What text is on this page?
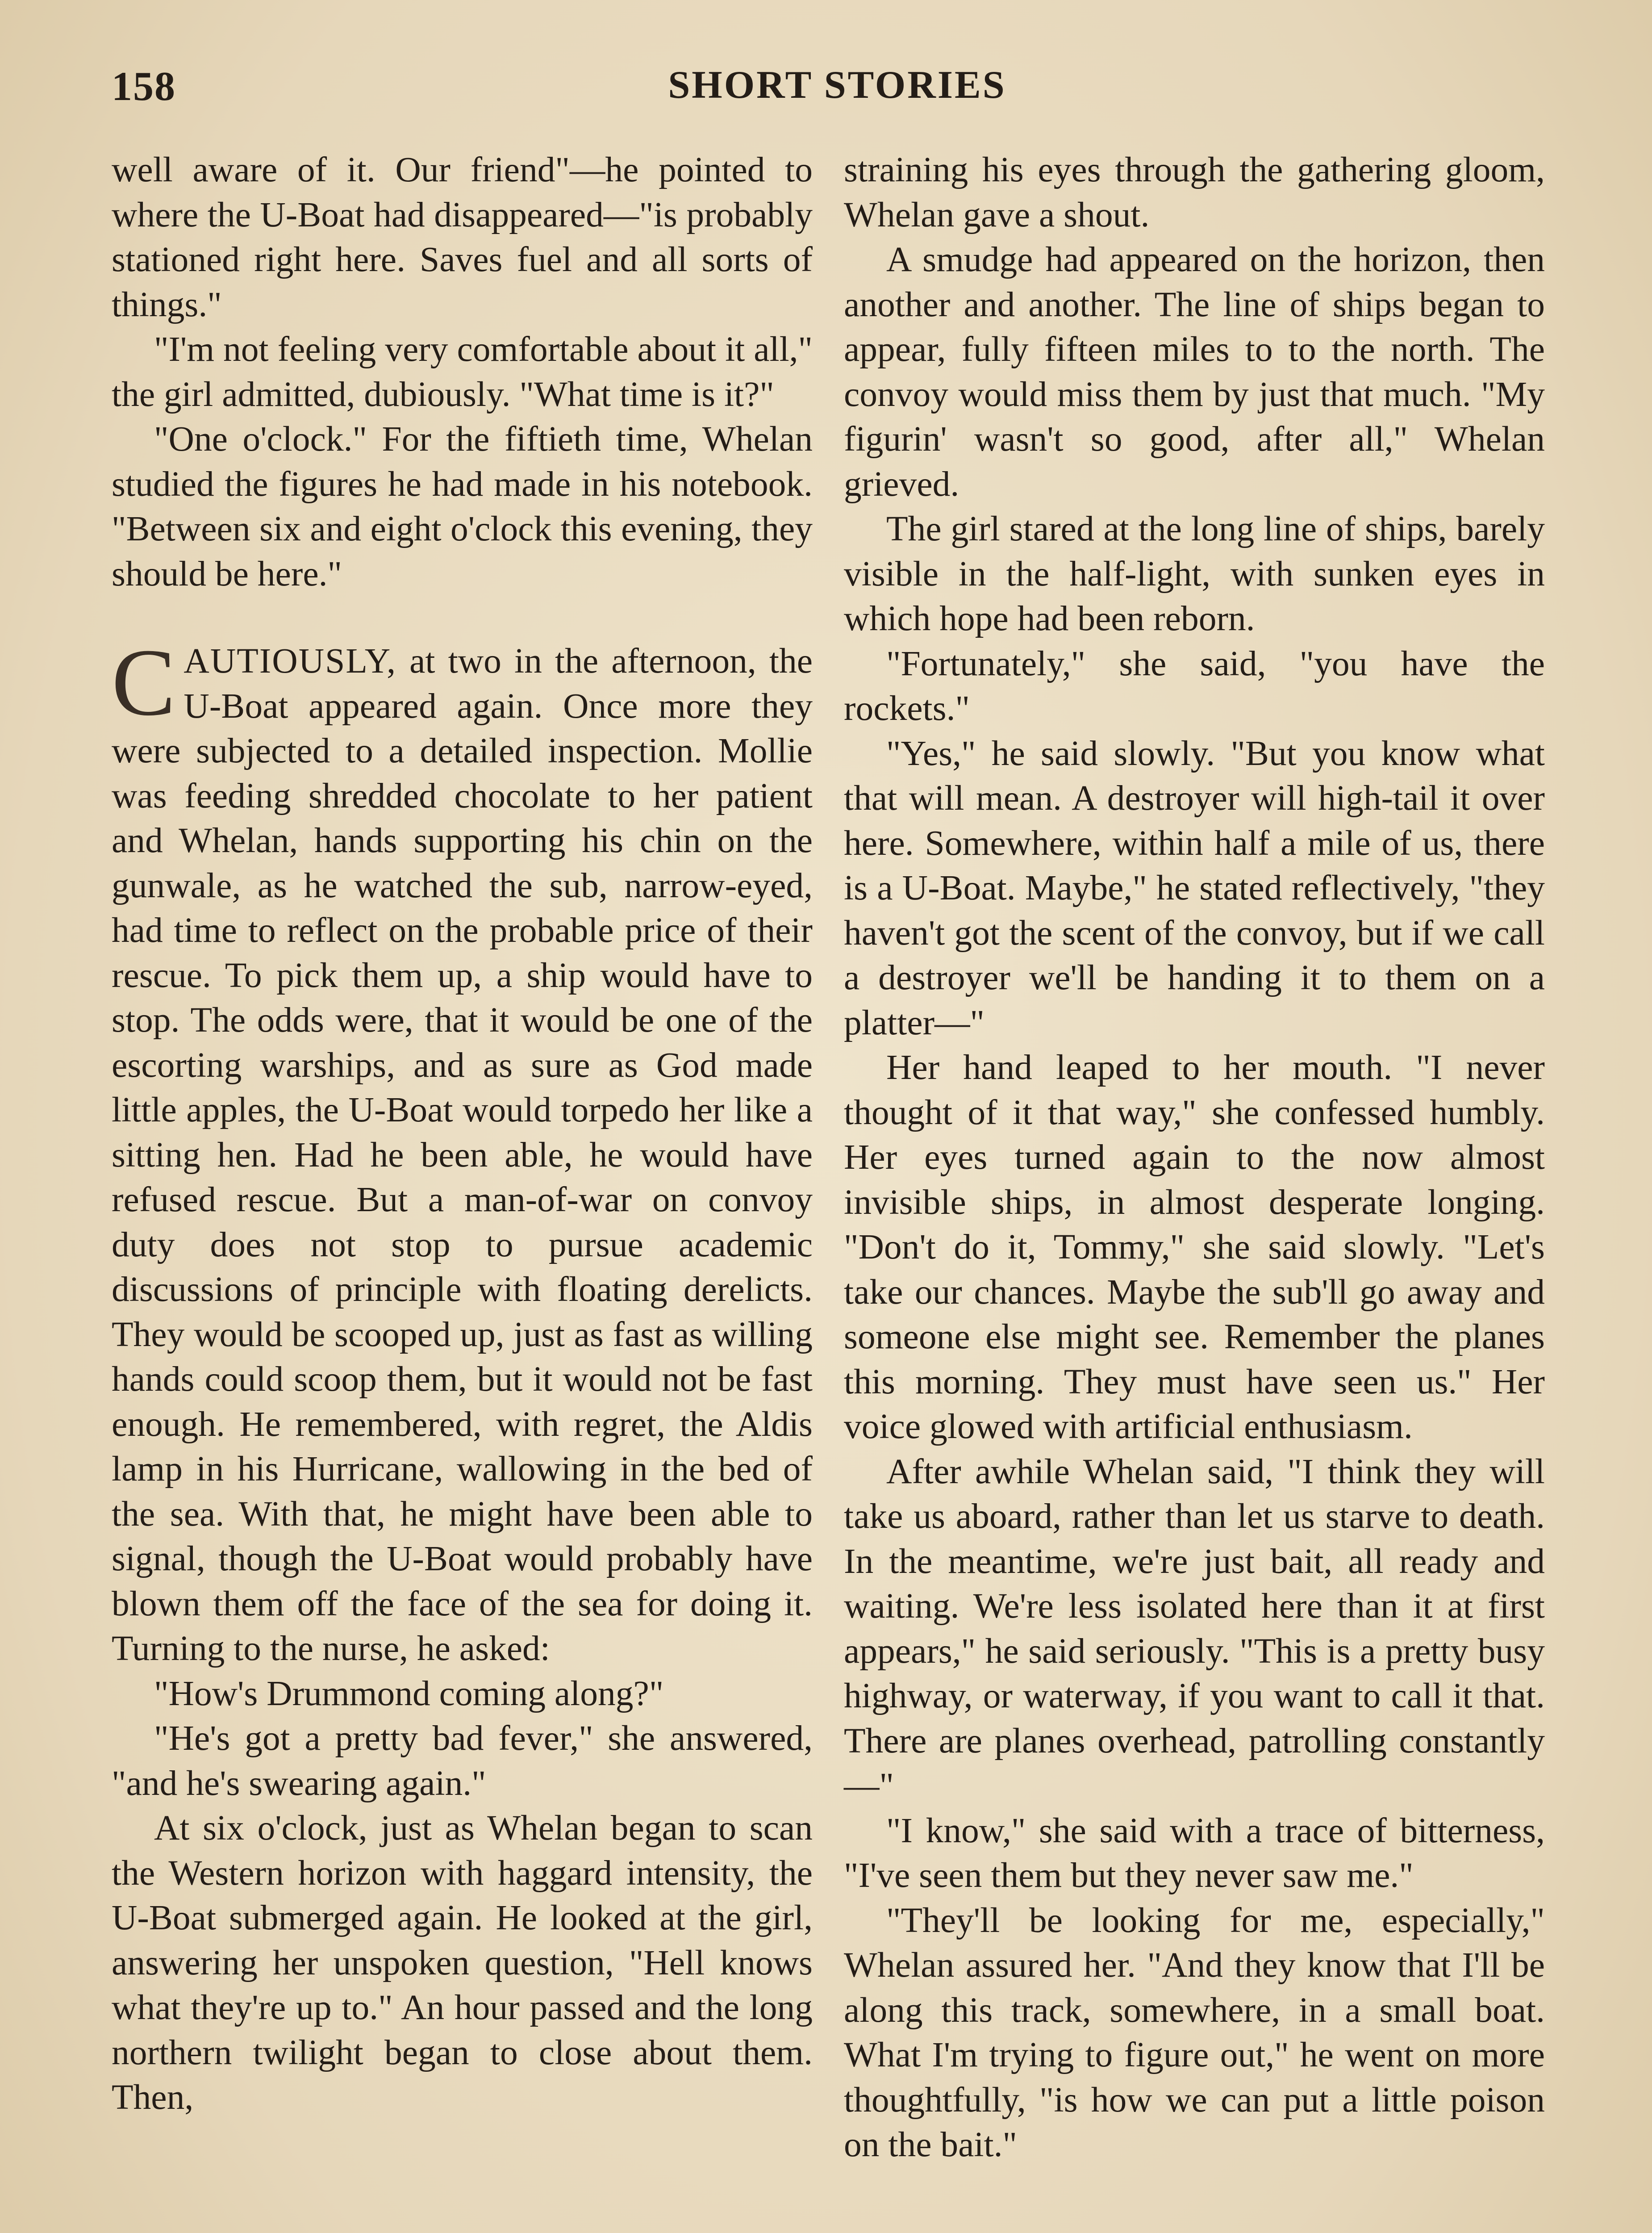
158	SHORT STORIES

well aware of it. Our friend"—he pointed to where the U-Boat had disappeared—"is probably stationed right here. Saves fuel and all sorts of things."

"I'm not feeling very comfortable about it all," the girl admitted, dubiously. "What time is it?"

"One o'clock." For the fiftieth time, Whelan studied the figures he had made in his notebook. "Between six and eight o'clock this evening, they should be here."

CAUTIOUSLY, at two in the afternoon, the U-Boat appeared again. Once more they were subjected to a detailed inspection. Mollie was feeding shredded chocolate to her patient and Whelan, hands supporting his chin on the gunwale, as he watched the sub, narrow-eyed, had time to reflect on the probable price of their rescue. To pick them up, a ship would have to stop. The odds were, that it would be one of the escorting warships, and as sure as God made little apples, the U-Boat would torpedo her like a sitting hen. Had he been able, he would have refused rescue. But a man-of-war on convoy duty does not stop to pursue academic discussions of principle with floating derelicts. They would be scooped up, just as fast as willing hands could scoop them, but it would not be fast enough. He remembered, with regret, the Aldis lamp in his Hurricane, wallowing in the bed of the sea. With that, he might have been able to signal, though the U-Boat would probably have blown them off the face of the sea for doing it. Turning to the nurse, he asked:

"How's Drummond coming along?"

"He's got a pretty bad fever," she answered, "and he's swearing again."

At six o'clock, just as Whelan began to scan the Western horizon with haggard intensity, the U-Boat submerged again. He looked at the girl, answering her unspoken question, "Hell knows what they're up to." An hour passed and the long northern twilight began to close about them. Then,

straining his eyes through the gathering gloom, Whelan gave a shout.

A smudge had appeared on the horizon, then another and another. The line of ships began to appear, fully fifteen miles to to the north. The convoy would miss them by just that much. "My figurin' wasn't so good, after all," Whelan grieved.

The girl stared at the long line of ships, barely visible in the half-light, with sunken eyes in which hope had been reborn.

"Fortunately," she said, "you have the rockets."

"Yes," he said slowly. "But you know what that will mean. A destroyer will high-tail it over here. Somewhere, within half a mile of us, there is a U-Boat. Maybe," he stated reflectively, "they haven't got the scent of the convoy, but if we call a destroyer we'll be handing it to them on a platter—"

Her hand leaped to her mouth. "I never thought of it that way," she confessed humbly. Her eyes turned again to the now almost invisible ships, in almost desperate longing. "Don't do it, Tommy," she said slowly. "Let's take our chances. Maybe the sub'll go away and someone else might see. Remember the planes this morning. They must have seen us." Her voice glowed with artificial enthusiasm.

After awhile Whelan said, "I think they will take us aboard, rather than let us starve to death. In the meantime, we're just bait, all ready and waiting. We're less isolated here than it at first appears," he said seriously. "This is a pretty busy highway, or waterway, if you want to call it that. There are planes overhead, patrolling constantly—"

"I know," she said with a trace of bitterness, "I've seen them but they never saw me."

"They'll be looking for me, especially," Whelan assured her. "And they know that I'll be along this track, somewhere, in a small boat. What I'm trying to figure out," he went on more thoughtfully, "is how we can put a little poison on the bait."
